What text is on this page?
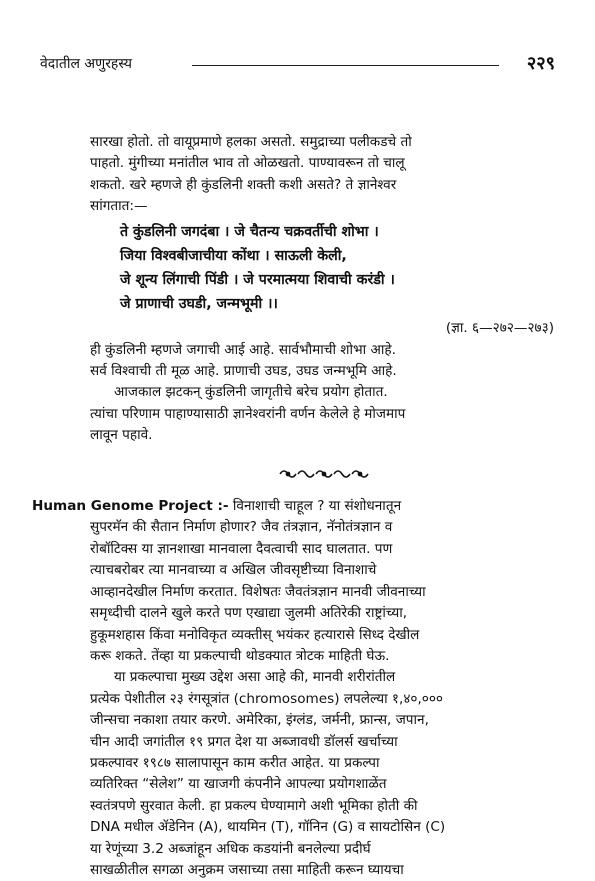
वेदातील अणुरहस्य	२२९

सारखा होतो. तो वायूप्रमाणे हलका असतो. समुद्राच्या पलीकडचे तो
पाहतो. मुंगीच्या मनांतील भाव तो ओळखतो. पाण्यावरून तो चालू
शकतो. खरे म्हणजे ही कुंडलिनी शक्ती कशी असते? ते ज्ञानेश्वर
सांगतात:—

ते कुंडलिनी जगदंबा । जे चैतन्य चक्रवर्तीची शोभा ।
जिया विश्वबीजाचीया कोंथा । साऊली केली,
जे शून्य लिंगाची पिंडी । जे परमात्मया शिवाची करंडी ।
जे प्राणाची उघडी, जन्मभूमी ।।

(ज्ञा. ६—२७२—२७३)

ही कुंडलिनी म्हणजे जगाची आई आहे. सार्वभौमाची शोभा आहे.
सर्व विश्वाची ती मूळ आहे. प्राणाची उघड, उघड जन्मभूमि आहे.

आजकाल झटकन् कुंडलिनी जागृतीचे बरेच प्रयोग होतात.
त्यांचा परिणाम पाहाण्यासाठी ज्ञानेश्वरांनी वर्णन केलेले हे मोजमाप
लावून पहावे.

Human Genome Project :- विनाशाची चाहूल ? या संशोधनातून

सुपरमॅन की सैतान निर्माण होणार? जैव तंत्रज्ञान, नॅनोतंत्रज्ञान व
रोबॉटिक्स या ज्ञानशाखा मानवाला दैवत्वाची साद घालतात. पण
त्याचबरोबर त्या मानवाच्या व अखिल जीवसृष्टीच्या विनाशाचे
आव्हानदेखील निर्माण करतात. विशेषतः जैवतंत्रज्ञान मानवी जीवनाच्या
समृध्दीची दालने खुले करते पण एखाद्या जुलमी अतिरेकी राष्ट्रांच्या,
हुकूमशहास किंवा मनोविकृत व्यक्तीस् भयंकर हत्यारासे सिध्द देखील
करू शकते. तेंव्हा या प्रकल्पाची थोडक्यात त्रोटक माहिती घेऊ.

या प्रकल्पाचा मुख्य उद्देश असा आहे की, मानवी शरीरांतील
प्रत्येक पेशीतील २३ रंगसूत्रांत (chromosomes) लपलेल्या १,४०,०००
जीन्सचा नकाशा तयार करणे. अमेरिका, इंग्लंड, जर्मनी, फ्रान्स, जपान,
चीन आदी जगांतील १९ प्रगत देश या अब्जावधी डॉलर्स खर्चाच्या
प्रकल्पावर १९८७ सालापासून काम करीत आहेत. या प्रकल्पा
व्यतिरिक्त “सेलेश” या खाजगी कंपनीने आपल्या प्रयोगशाळेंत
स्वतंत्रपणे सुरवात केली. हा प्रकल्प घेण्यामागे अशी भूमिका होती की
DNA मधील ॲडेनिन (A), थायमिन (T), गॉनिन (G) व सायटोसिन (C)
या रेणूंच्या 3.2 अब्जांहून अधिक कडयांनी बनलेल्या प्रदीर्घ
साखळीतील सगळा अनुक्रम जसाच्या तसा माहिती करून घ्यायचा
